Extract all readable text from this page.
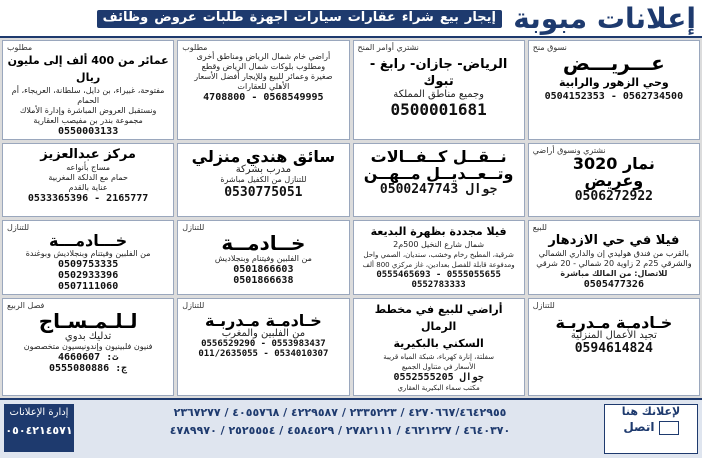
إعلانات مبوبة
إيجار
بيع
شراء
عقارات
سيارات
أجهزة
طلبات
عروض
وظائف
نسوق منح
عـــريـــض
وحي الزهور والرابية
0504152353 - 0562734500
نشتري أوامر المنح
الرياض- جازان- رابغ - تبوك
وجميع مناطق المملكة
0500001681
مطلوب
أراضي خام شمال الرياض ومناطق أخرى
ومطلوب بلوكات شمال الرياض وقطع
صغيرة وعمائر للبيع وللإيجار أفضل الأسعار
الأهلي للعقارات
4708800 - 0568549995
مطلوب
عمائر من 400 ألف إلى مليون ريال
مفتوحة، غبيراء، بن دايل، سلطانة، العريجاء، أم الحمام
ونستقبل العروض المباشرة وإدارة الأملاك
مجموعة بندر بن مفيصب العقارية
0550003133
نشتري ونسوق أراضي
نمار 3020
وعريض
0506272922
نــقــل كــفــالات
وتــعــديــل مــهــن
0500247743 جوال
سائق هندي منزلي
مدرب بشركة
للتنازل من الكفيل مباشرة
0530775051
مركز عبدالعزيز
مساج بأنواعه
حمام مع الدلكة المغربية
عناية بالقدم
0533365396 - 2165777
للبيع
فيلا في حي الازدهار
بالقرب من فندق هوليدي إن والداري الشمالي
والشرقي 25م 2 زاوية 20 شمالي - 20 شرقي
للاتصال: من المالك مباشرة
0505477326
فيلا مجددة بظهرة البديعة
شمال شارع النخيل 500م2
شرقية، المطبخ رخام وخشب، سنديان، الصمي واحل
ومدفوعة قابلة للفصل بعدادين، غاز مركزي 800 ألف
0555465693 - 0555055655
0552783333
للتنازل
خــادمــة
من الفلبين وفيتنام وبنجلاديش
0501866603
0501866638
للتنازل
خـــادمـــة
من الفلبين وفيتنام وبنجلاديش وبوغندة
0509753335
0502933396
0507111060
للتنازل
خـادمـة مـدربـة
تجيد الأعمال المنزلية
0594614824
أراضي للبيع في مخطط الرمال
السكني بالبكيرية
سفلتة، إنارة كهرباء، شبكة المياه قريبة
الأسعار في متناول الجميع
0552555205 جوال
مكتب سماء البكيرية العقاري
للتنازل
خـادمـة مـدربـة
من الفلبين والمغرب
0556529290 - 0553983437
011/2635055 - 0534010307
فصل الربيع
لـلـمـسـاج
تدليك بدوي
فنيون فلبينيون وإندونيسيون متخصصون
ت: 4660607
ج: 0555080886
لإعلانك هنا
اتصل
٤٢٧٠٦٦٧/٤٦٤٢٩٥٥ / ٢٣٣٥٢٢٣ / ٤٢٢٩٥٨٧ / ٤٠٥٥٧٦٨ / ٢٣٦٧٢٧٧
٤٦٤٠٣٧٠ / ٤٦٢١٢٢٧ / ٢٧٨٢١١١ / ٤٥٨٤٥٢٩ / ٢٥٢٥٥٥٤ / ٤٧٨٩٩٧٠
إدارة الإعلانات
٠٥٠٤٢١٤٥٧١
